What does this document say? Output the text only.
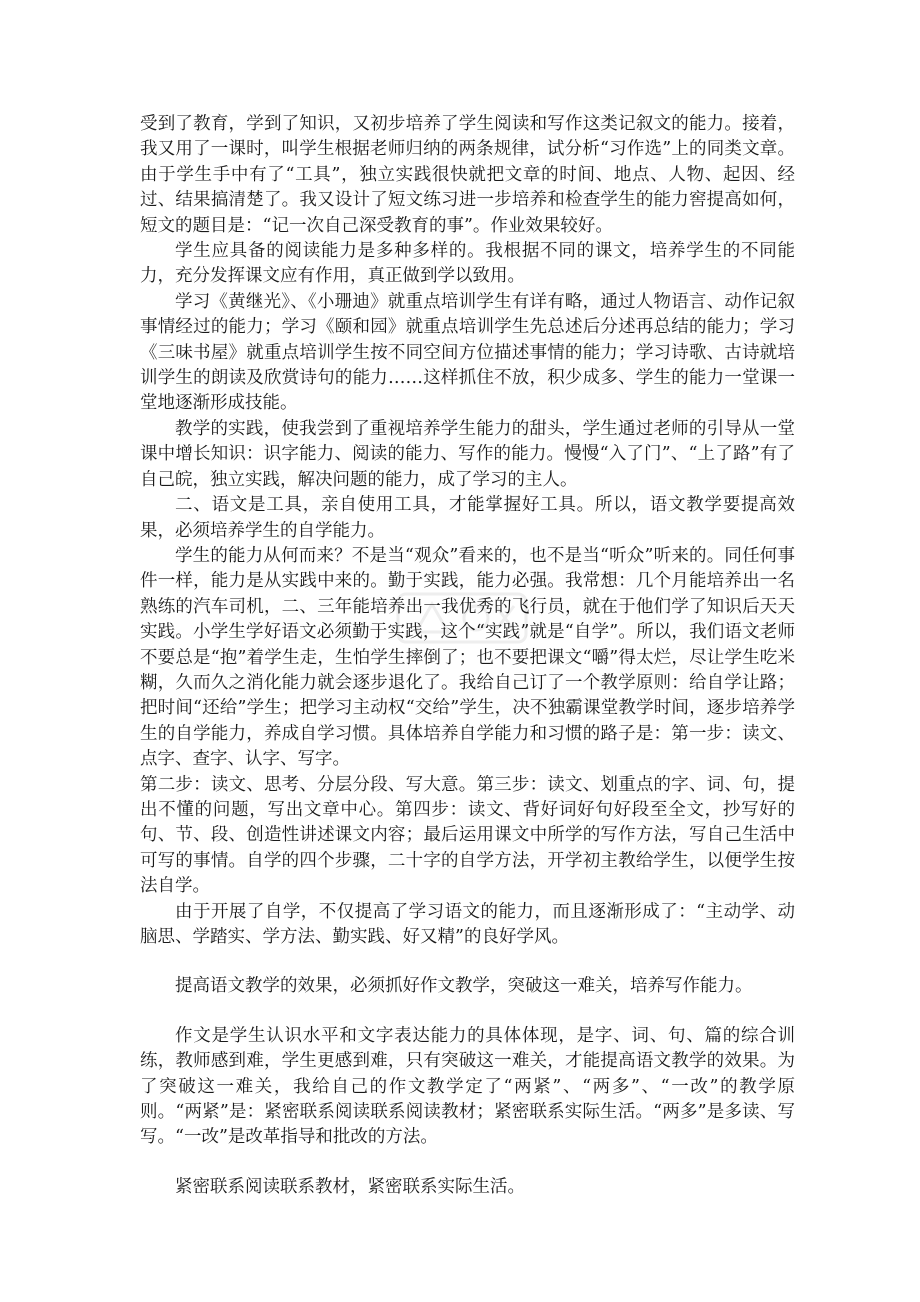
受到了教育，学到了知识，又初步培养了学生阅读和写作这类记叙文的能力。接着，我又用了一课时，叫学生根据老师归纳的两条规律，试分析“习作选”上的同类文章。由于学生手中有了“工具”，独立实践很快就把文章的时间、地点、人物、起因、经过、结果搞清楚了。我又设计了短文练习进一步培养和检查学生的能力窖提高如何，短文的题目是：“记一次自己深受教育的事”。作业效果较好。

学生应具备的阅读能力是多种多样的。我根据不同的课文，培养学生的不同能力，充分发挥课文应有作用，真正做到学以致用。

学习《黄继光》、《小珊迪》就重点培训学生有详有略，通过人物语言、动作记叙事情经过的能力；学习《颐和园》就重点培训学生先总述后分述再总结的能力；学习《三味书屋》就重点培训学生按不同空间方位描述事情的能力；学习诗歌、古诗就培训学生的朗读及欣赏诗句的能力……这样抓住不放，积少成多、学生的能力一堂课一堂地逐渐形成技能。

教学的实践，使我尝到了重视培养学生能力的甜头，学生通过老师的引导从一堂课中增长知识：识字能力、阅读的能力、写作的能力。慢慢“入了门”、“上了路”有了自己皖，独立实践，解决问题的能力，成了学习的主人。

二、语文是工具，亲自使用工具，才能掌握好工具。所以，语文教学要提高效果，必须培养学生的自学能力。

学生的能力从何而来？不是当“观众”看来的，也不是当“听众”听来的。同任何事件一样，能力是从实践中来的。勤于实践，能力必强。我常想：几个月能培养出一名熟练的汽车司机，二、三年能培养出一我优秀的飞行员，就在于他们学了知识后天天实践。小学生学好语文必须勤于实践，这个“实践”就是“自学”。所以，我们语文老师不要总是“抱”着学生走，生怕学生摔倒了；也不要把课文“嚼”得太烂，尽让学生吃米糊，久而久之消化能力就会逐步退化了。我给自己订了一个教学原则：给自学让路；把时间“还给”学生；把学习主动权“交给”学生，决不独霸课堂教学时间，逐步培养学生的自学能力，养成自学习惯。具体培养自学能力和习惯的路子是：第一步：读文、点字、查字、认字、写字。

第二步：读文、思考、分层分段、写大意。第三步：读文、划重点的字、词、句，提出不懂的问题，写出文章中心。第四步：读文、背好词好句好段至全文，抄写好的句、节、段、创造性讲述课文内容；最后运用课文中所学的写作方法，写自己生活中可写的事情。自学的四个步骤，二十字的自学方法，开学初主教给学生，以便学生按法自学。

由于开展了自学，不仅提高了学习语文的能力，而且逐渐形成了：“主动学、动脑思、学踏实、学方法、勤实践、好又精”的良好学风。

提高语文教学的效果，必须抓好作文教学，突破这一难关，培养写作能力。

作文是学生认识水平和文字表达能力的具体体现，是字、词、句、篇的综合训练，教师感到难，学生更感到难，只有突破这一难关，才能提高语文教学的效果。为了突破这一难关，我给自己的作文教学定了“两紧”、“两多”、“一改”的教学原则。“两紧”是：紧密联系阅读联系阅读教材；紧密联系实际生活。“两多”是多读、写写。“一改”是改革指导和批改的方法。

紧密联系阅读联系教材，紧密联系实际生活。
